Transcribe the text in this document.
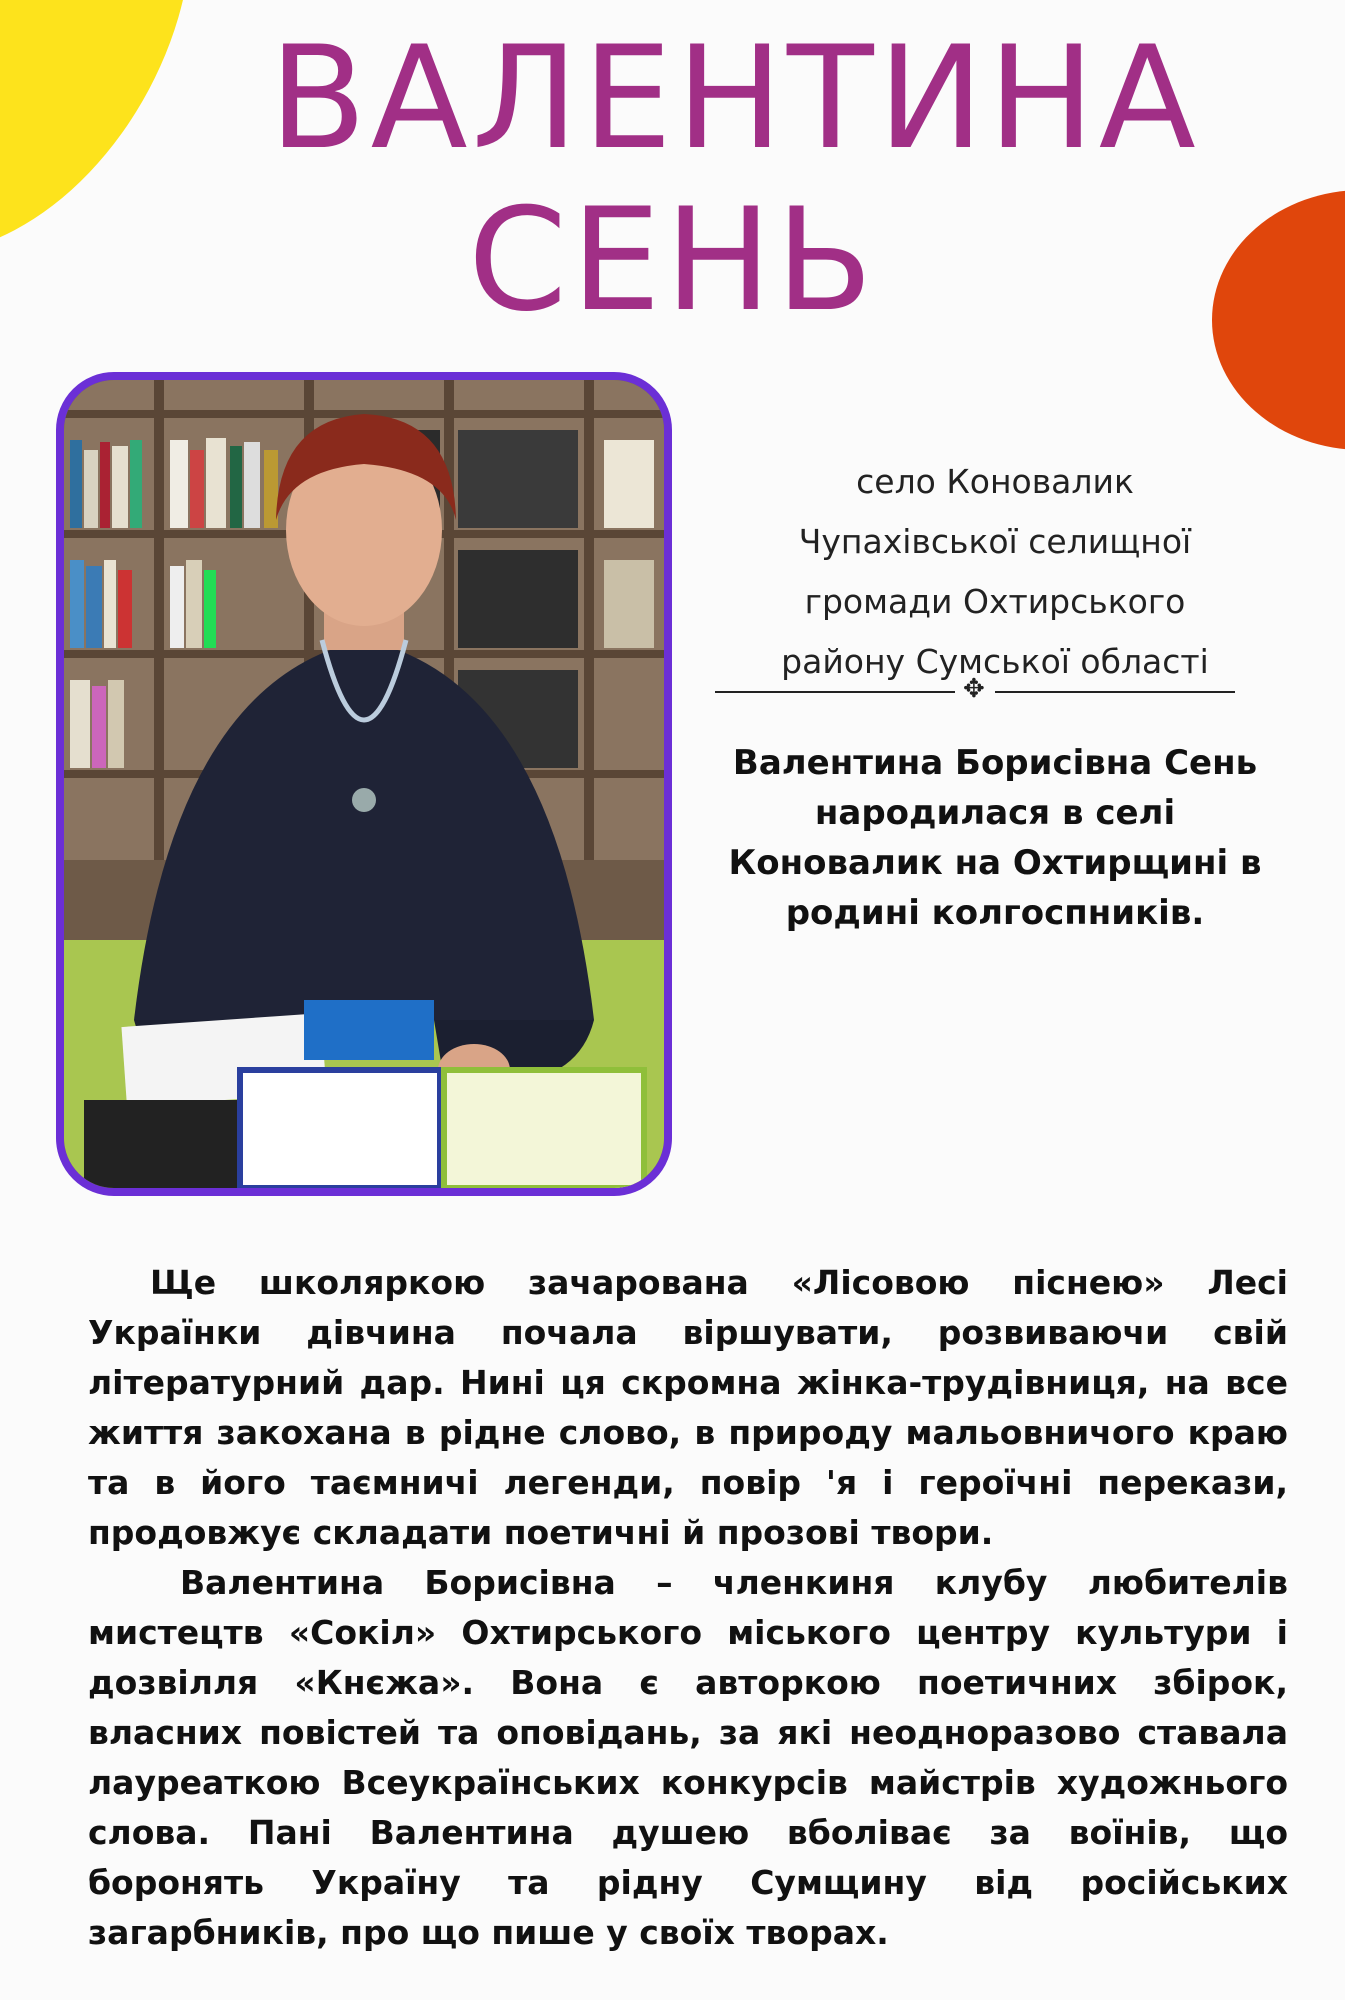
ВАЛЕНТИНА
СЕНЬ
село Коновалик
Чупахівської селищної
громади Охтирського
району Сумської області
✥
Валентина Борисівна Сень
народилася в селі
Коновалик на Охтирщині в
родині колгоспників.

Ще школяркою зачарована «Лісовою піснею» Лесі Українки дівчина почала віршувати, розвиваючи свій літературний дар. Нині ця скромна жінка-трудівниця, на все життя закохана в рідне слово, в природу мальовничого краю та в його таємничі легенди, повір 'я і героїчні перекази, продовжує складати поетичні й прозові твори.

Валентина Борисівна – членкиня клубу любителів мистецтв «Сокіл» Охтирського міського центру культури і дозвілля «Кнєжа». Вона є авторкою поетичних збірок, власних повістей та оповідань, за які неодноразово ставала лауреаткою Всеукраїнських конкурсів майстрів художнього слова. Пані Валентина душею вболіває за воїнів, що боронять Україну та рідну Сумщину від російських загарбників, про що пише у своїх творах.
